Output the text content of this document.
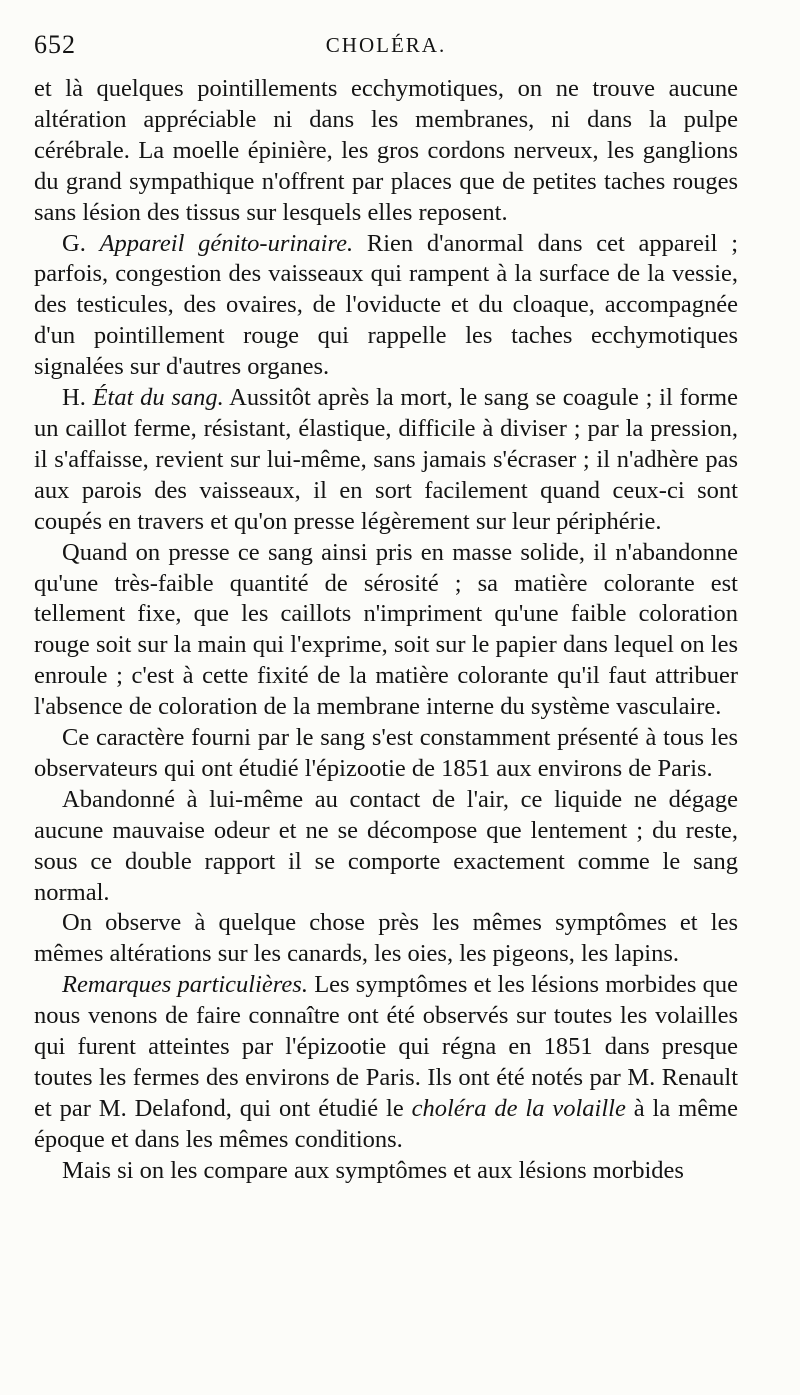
652	CHOLÉRA.

et là quelques pointillements ecchymotiques, on ne trouve aucune altération appréciable ni dans les membranes, ni dans la pulpe cérébrale. La moelle épinière, les gros cordons nerveux, les ganglions du grand sympathique n'offrent par places que de petites taches rouges sans lésion des tissus sur lesquels elles reposent.

G. Appareil génito-urinaire. Rien d'anormal dans cet appareil ; parfois, congestion des vaisseaux qui rampent à la surface de la vessie, des testicules, des ovaires, de l'oviducte et du cloaque, accompagnée d'un pointillement rouge qui rappelle les taches ecchymotiques signalées sur d'autres organes.

H. État du sang. Aussitôt après la mort, le sang se coagule ; il forme un caillot ferme, résistant, élastique, difficile à diviser ; par la pression, il s'affaisse, revient sur lui-même, sans jamais s'écraser ; il n'adhère pas aux parois des vaisseaux, il en sort facilement quand ceux-ci sont coupés en travers et qu'on presse légèrement sur leur périphérie.

Quand on presse ce sang ainsi pris en masse solide, il n'abandonne qu'une très-faible quantité de sérosité ; sa matière colorante est tellement fixe, que les caillots n'impriment qu'une faible coloration rouge soit sur la main qui l'exprime, soit sur le papier dans lequel on les enroule ; c'est à cette fixité de la matière colorante qu'il faut attribuer l'absence de coloration de la membrane interne du système vasculaire.

Ce caractère fourni par le sang s'est constamment présenté à tous les observateurs qui ont étudié l'épizootie de 1851 aux environs de Paris.

Abandonné à lui-même au contact de l'air, ce liquide ne dégage aucune mauvaise odeur et ne se décompose que lentement ; du reste, sous ce double rapport il se comporte exactement comme le sang normal.

On observe à quelque chose près les mêmes symptômes et les mêmes altérations sur les canards, les oies, les pigeons, les lapins.

Remarques particulières. Les symptômes et les lésions morbides que nous venons de faire connaître ont été observés sur toutes les volailles qui furent atteintes par l'épizootie qui régna en 1851 dans presque toutes les fermes des environs de Paris. Ils ont été notés par M. Renault et par M. Delafond, qui ont étudié le choléra de la volaille à la même époque et dans les mêmes conditions.

Mais si on les compare aux symptômes et aux lésions morbides
